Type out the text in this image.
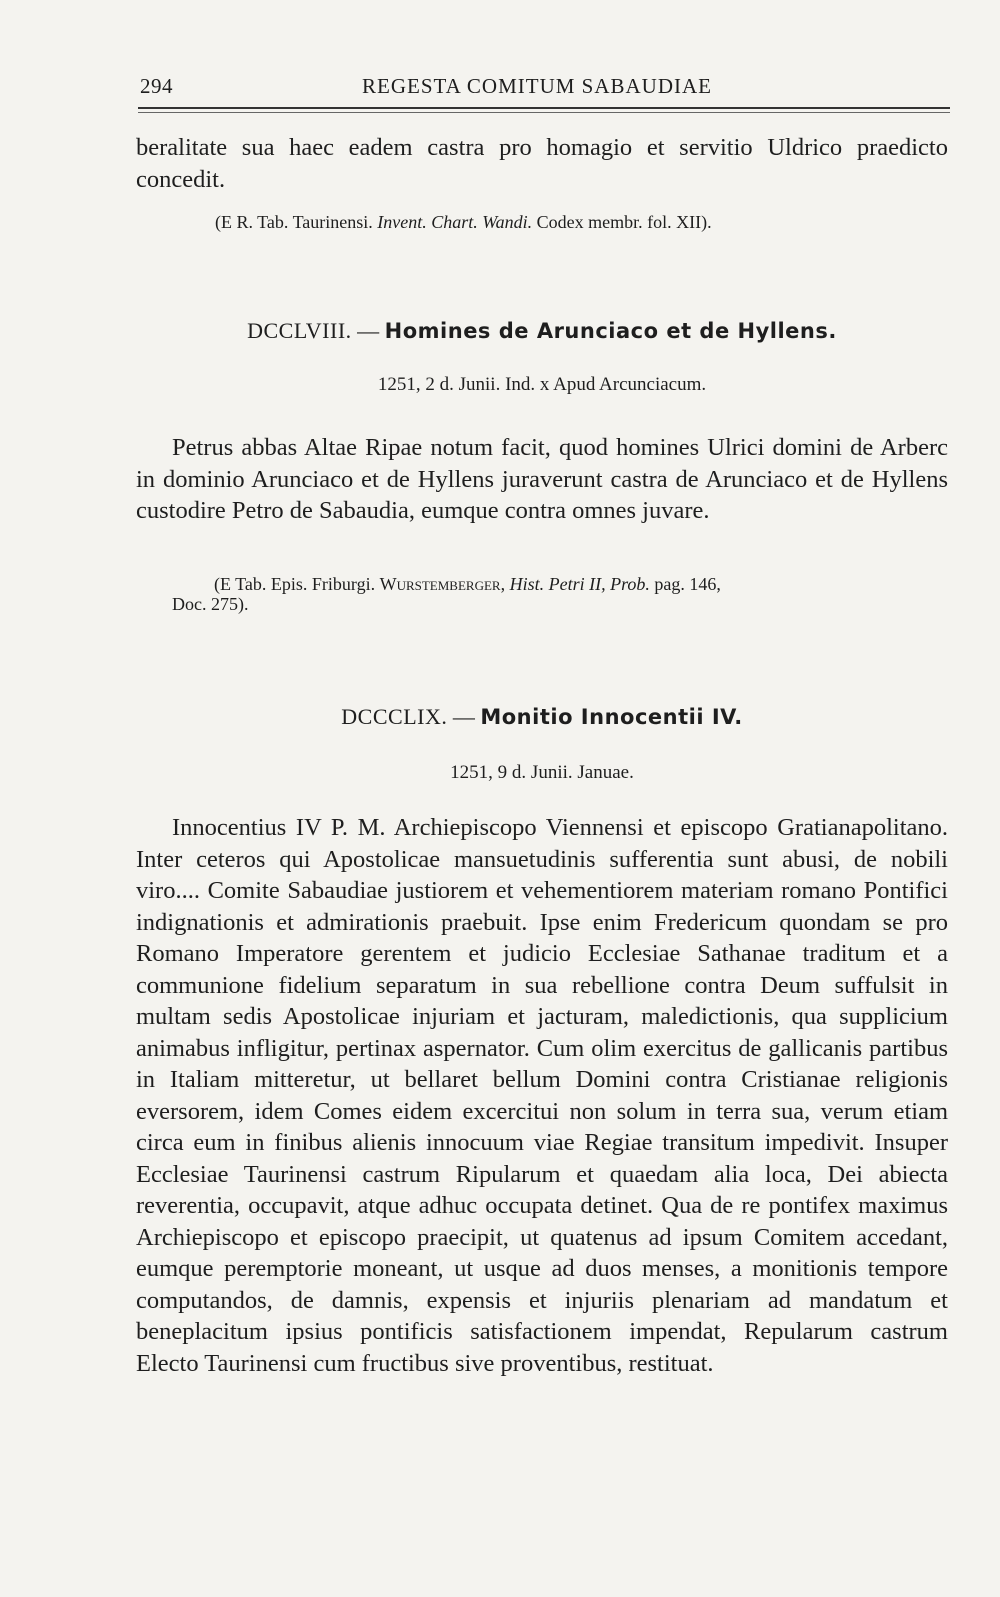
294	REGESTA COMITUM SABAUDIAE

beralitate sua haec eadem castra pro homagio et servitio Uldrico praedicto concedit.

(E R. Tab. Taurinensi. Invent. Chart. Wandi. Codex membr. fol. XII).

DCCLVIII. — Homines de Arunciaco et de Hyllens.

1251, 2 d. Junii. Ind. x Apud Arcunciacum.

Petrus abbas Altae Ripae notum facit, quod homines Ulrici domini de Arberc in dominio Arunciaco et de Hyllens juraverunt castra de Arunciaco et de Hyllens custodire Petro de Sabaudia, eumque contra omnes juvare.

(E Tab. Epis. Friburgi. Wurstemberger, Hist. Petri II, Prob. pag. 146,

Doc. 275).

DCCCLIX. — Monitio Innocentii IV.

1251, 9 d. Junii. Januae.

Innocentius IV P. M. Archiepiscopo Viennensi et episcopo Gratianapolitano. Inter ceteros qui Apostolicae mansuetudinis sufferentia sunt abusi, de nobili viro.... Comite Sabaudiae justiorem et vehementiorem materiam romano Pontifici indignationis et admirationis praebuit. Ipse enim Fredericum quondam se pro Romano Imperatore gerentem et judicio Ecclesiae Sathanae traditum et a communione fidelium separatum in sua rebellione contra Deum suffulsit in multam sedis Apostolicae injuriam et jacturam, maledictionis, qua supplicium animabus infligitur, pertinax aspernator. Cum olim exercitus de gallicanis partibus in Italiam mitteretur, ut bellaret bellum Domini contra Cristianae religionis eversorem, idem Comes eidem excercitui non solum in terra sua, verum etiam circa eum in finibus alienis innocuum viae Regiae transitum impedivit. Insuper Ecclesiae Taurinensi castrum Ripularum et quaedam alia loca, Dei abiecta reverentia, occupavit, atque adhuc occupata detinet. Qua de re pontifex maximus Archiepiscopo et episcopo praecipit, ut quatenus ad ipsum Comitem accedant, eumque peremptorie moneant, ut usque ad duos menses, a monitionis tempore computandos, de damnis, expensis et injuriis plenariam ad mandatum et beneplacitum ipsius pontificis satisfactionem impendat, Repularum castrum Electo Taurinensi cum fructibus sive proventibus, restituat.
